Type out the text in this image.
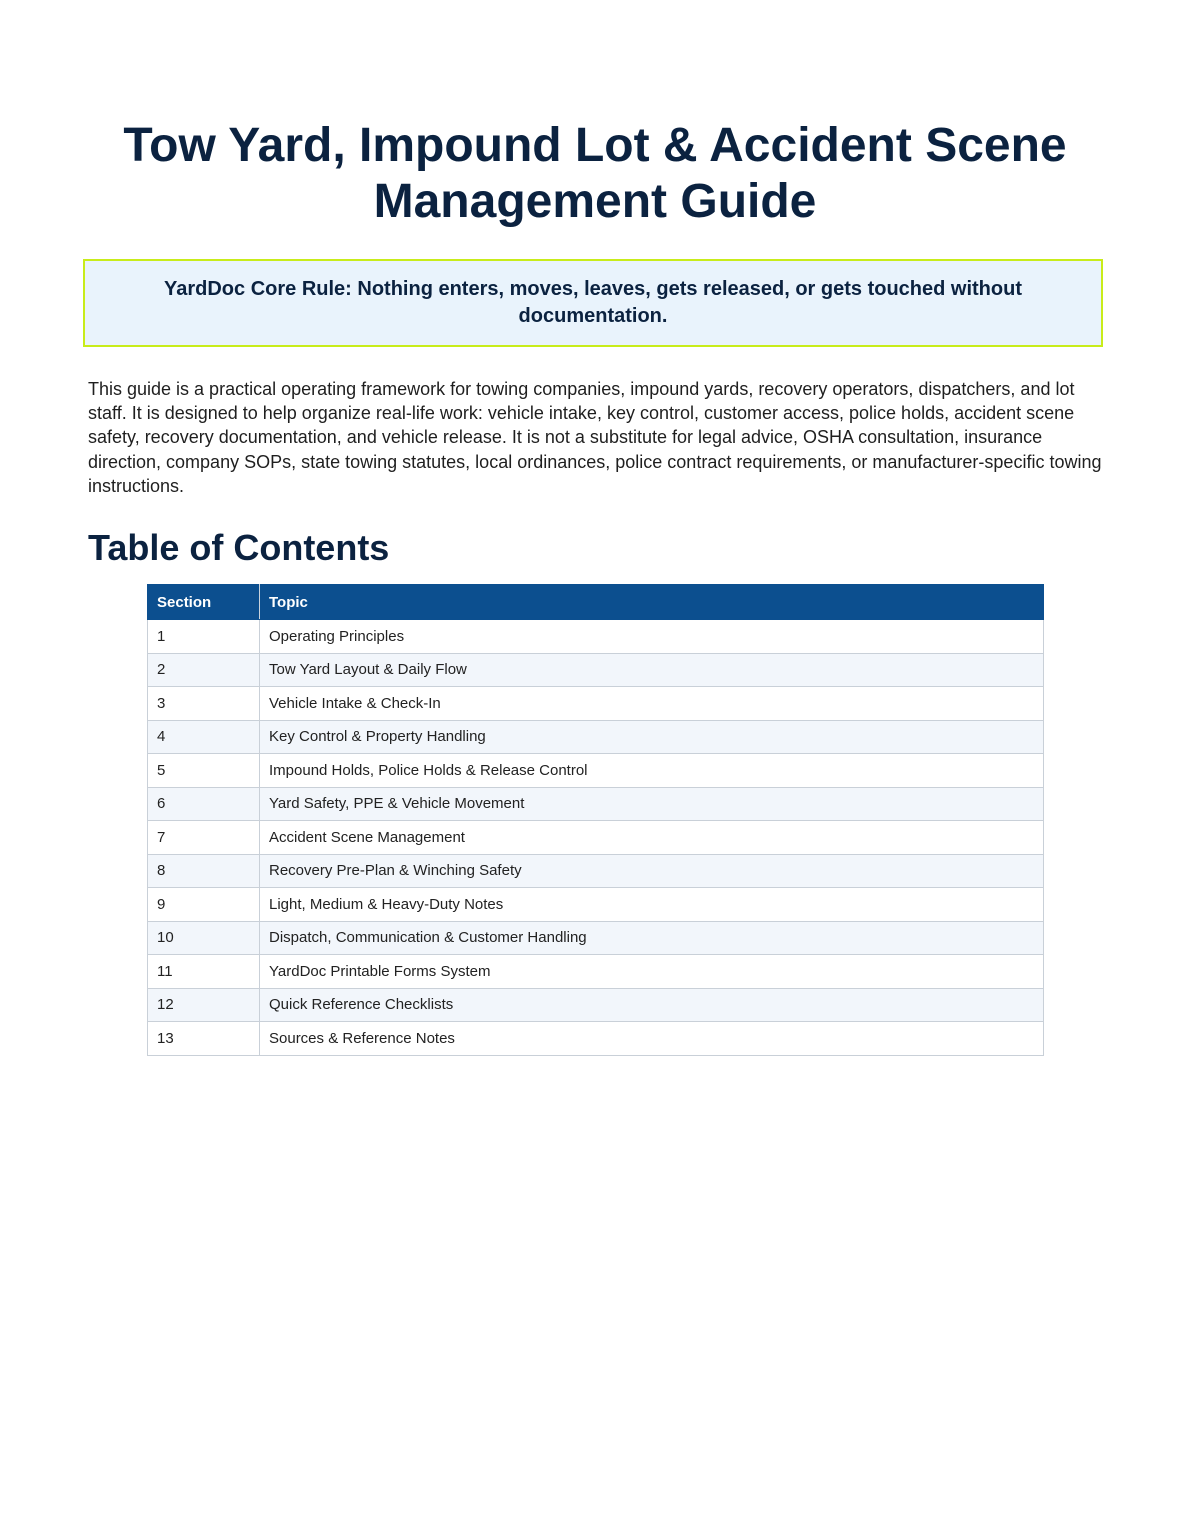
Tow Yard, Impound Lot & Accident Scene Management Guide
YardDoc Core Rule: Nothing enters, moves, leaves, gets released, or gets touched without documentation.

This guide is a practical operating framework for towing companies, impound yards, recovery operators, dispatchers, and lot staff. It is designed to help organize real-life work: vehicle intake, key control, customer access, police holds, accident scene safety, recovery documentation, and vehicle release. It is not a substitute for legal advice, OSHA consultation, insurance direction, company SOPs, state towing statutes, local ordinances, police contract requirements, or manufacturer-specific towing instructions.

Table of Contents
Section	Topic
1	Operating Principles
2	Tow Yard Layout & Daily Flow
3	Vehicle Intake & Check-In
4	Key Control & Property Handling
5	Impound Holds, Police Holds & Release Control
6	Yard Safety, PPE & Vehicle Movement
7	Accident Scene Management
8	Recovery Pre-Plan & Winching Safety
9	Light, Medium & Heavy-Duty Notes
10	Dispatch, Communication & Customer Handling
11	YardDoc Printable Forms System
12	Quick Reference Checklists
13	Sources & Reference Notes
